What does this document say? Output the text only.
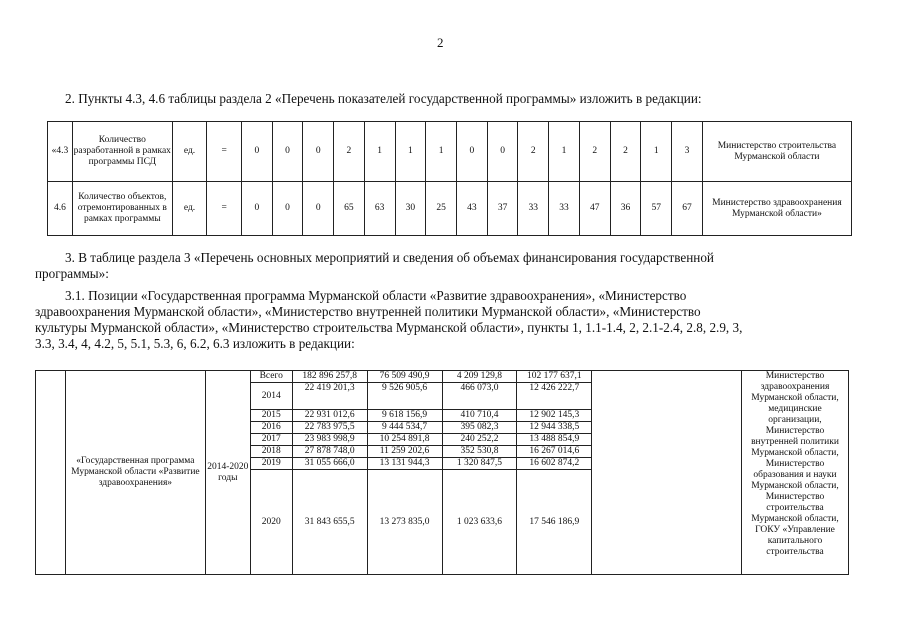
2
2. Пункты 4.3, 4.6 таблицы раздела 2 «Перечень показателей государственной программы» изложить в редакции:
«4.3	Количество разработанной в рамках программы ПСД	ед.	=	0	0	0	2	1	1	1	0	0	2	1	2	2	1	3	Министерство строительства Мурманской области
4.6	Количество объектов, отремонтированных в рамках программы	ед.	=	0	0	0	65	63	30	25	43	37	33	33	47	36	57	67	Министерство здравоохранения Мурманской области»
3. В таблице раздела 3 «Перечень основных мероприятий и сведения об объемах финансирования государственной
программы»:
3.1. Позиции «Государственная программа Мурманской области «Развитие здравоохранения», «Министерство
здравоохранения Мурманской области», «Министерство внутренней политики Мурманской области», «Министерство
культуры Мурманской области», «Министерство строительства Мурманской области», пункты 1, 1.1-1.4, 2, 2.1-2.4, 2.8, 2.9, 3,
3.3, 3.4, 4, 4.2, 5, 5.1, 5.3, 6, 6.2, 6.3 изложить в редакции:
	«Государственная программа Мурманской области «Развитие здравоохранения»	2014-2020 годы	Всего	182 896 257,8	76 509 490,9	4 209 129,8	102 177 637,1		Министерство здравоохранения Мурманской области, медицинские организации, Министерство внутренней политики Мурманской области, Министерство образования и науки Мурманской области, Министерство строительства Мурманской области, ГОКУ «Управление капитального строительства
			2014	22 419 201,3	9 526 905,6	466 073,0	12 426 222,7		
			2015	22 931 012,6	9 618 156,9	410 710,4	12 902 145,3		
			2016	22 783 975,5	9 444 534,7	395 082,3	12 944 338,5		
			2017	23 983 998,9	10 254 891,8	240 252,2	13 488 854,9		
			2018	27 878 748,0	11 259 202,6	352 530,8	16 267 014,6		
			2019	31 055 666,0	13 131 944,3	1 320 847,5	16 602 874,2		
			2020	31 843 655,5	13 273 835,0	1 023 633,6	17 546 186,9		
